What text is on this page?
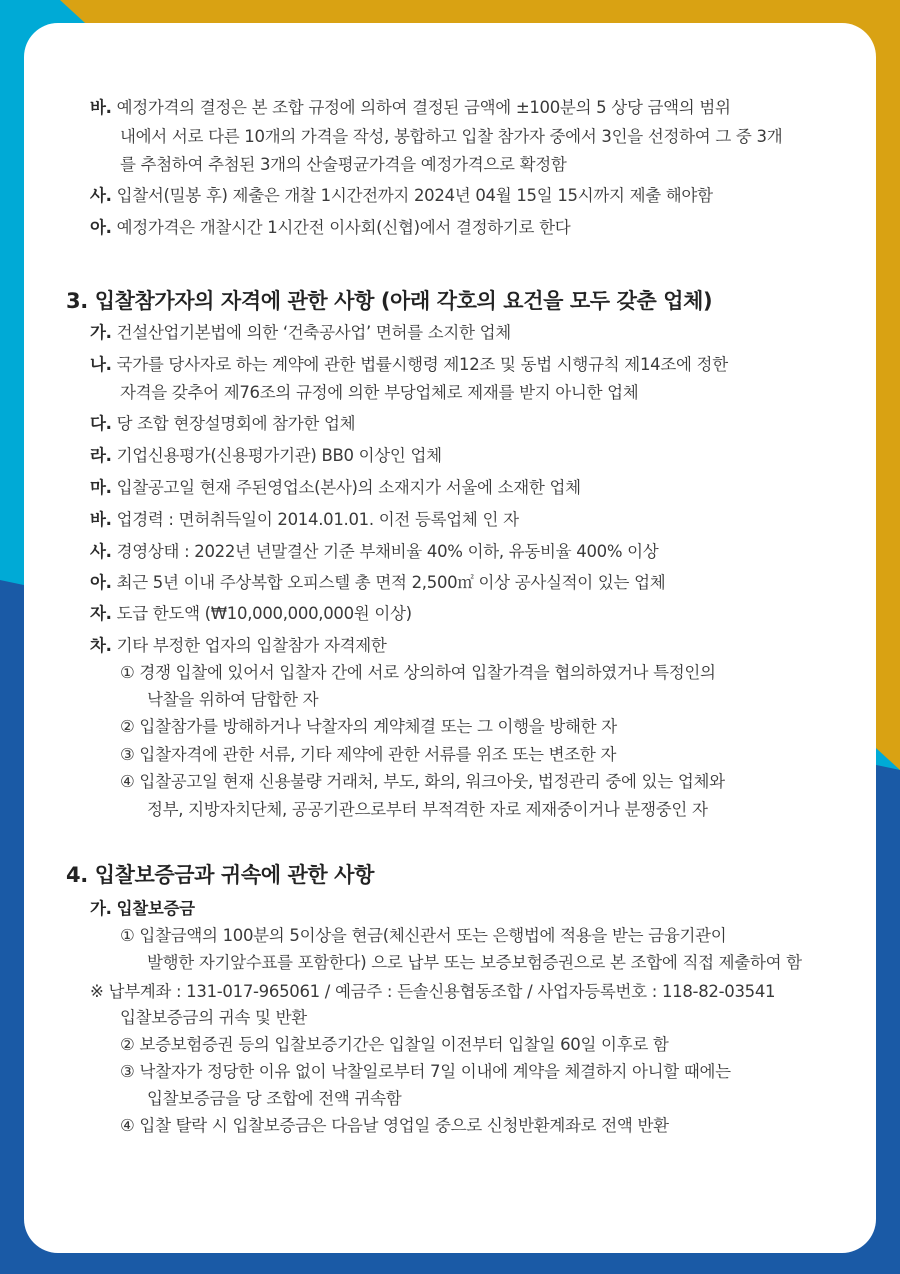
바. 예정가격의 결정은 본 조합 규정에 의하여 결정된 금액에 ±100분의 5 상당 금액의 범위
내에서 서로 다른 10개의 가격을 작성, 봉합하고 입찰 참가자 중에서 3인을 선정하여 그 중 3개
를 추첨하여 추첨된 3개의 산술평균가격을 예정가격으로 확정함
사. 입찰서(밀봉 후) 제출은 개찰 1시간전까지 2024년 04월 15일 15시까지 제출 해야함
아. 예정가격은 개찰시간 1시간전 이사회(신협)에서 결정하기로 한다
3. 입찰참가자의 자격에 관한 사항 (아래 각호의 요건을 모두 갖춘 업체)
가. 건설산업기본법에 의한 ‘건축공사업’ 면허를 소지한 업체
나. 국가를 당사자로 하는 계약에 관한 법률시행령 제12조 및 동법 시행규칙 제14조에 정한
자격을 갖추어 제76조의 규정에 의한 부당업체로 제재를 받지 아니한 업체
다. 당 조합 현장설명회에 참가한 업체
라. 기업신용평가(신용평가기관) BB0 이상인 업체
마. 입찰공고일 현재 주된영업소(본사)의 소재지가 서울에 소재한 업체
바. 업경력 : 면허취득일이 2014.01.01. 이전 등록업체 인 자
사. 경영상태 : 2022년 년말결산 기준 부채비율 40% 이하, 유동비율 400% 이상
아. 최근 5년 이내 주상복합 오피스텔 총 면적 2,500㎡ 이상 공사실적이 있는 업체
자. 도급 한도액 (₩10,000,000,000원 이상)
차. 기타 부정한 업자의 입찰참가 자격제한
① 경쟁 입찰에 있어서 입찰자 간에 서로 상의하여 입찰가격을 협의하였거나 특정인의
낙찰을 위하여 담합한 자
② 입찰참가를 방해하거나 낙찰자의 계약체결 또는 그 이행을 방해한 자
③ 입찰자격에 관한 서류, 기타 제약에 관한 서류를 위조 또는 변조한 자
④ 입찰공고일 현재 신용불량 거래처, 부도, 화의, 워크아웃, 법정관리 중에 있는 업체와
정부, 지방자치단체, 공공기관으로부터 부적격한 자로 제재중이거나 분쟁중인 자
4. 입찰보증금과 귀속에 관한 사항
가. 입찰보증금
① 입찰금액의 100분의 5이상을 현금(체신관서 또는 은행법에 적용을 받는 금융기관이
발행한 자기앞수표를 포함한다) 으로 납부 또는 보증보험증권으로 본 조합에 직접 제출하여 함
※ 납부계좌 : 131-017-965061 / 예금주 : 든솔신용협동조합 / 사업자등록번호 : 118-82-03541
입찰보증금의 귀속 및 반환
② 보증보험증권 등의 입찰보증기간은 입찰일 이전부터 입찰일 60일 이후로 함
③ 낙찰자가 정당한 이유 없이 낙찰일로부터 7일 이내에 계약을 체결하지 아니할 때에는
입찰보증금을 당 조합에 전액 귀속함
④ 입찰 탈락 시 입찰보증금은 다음날 영업일 중으로 신청반환계좌로 전액 반환
